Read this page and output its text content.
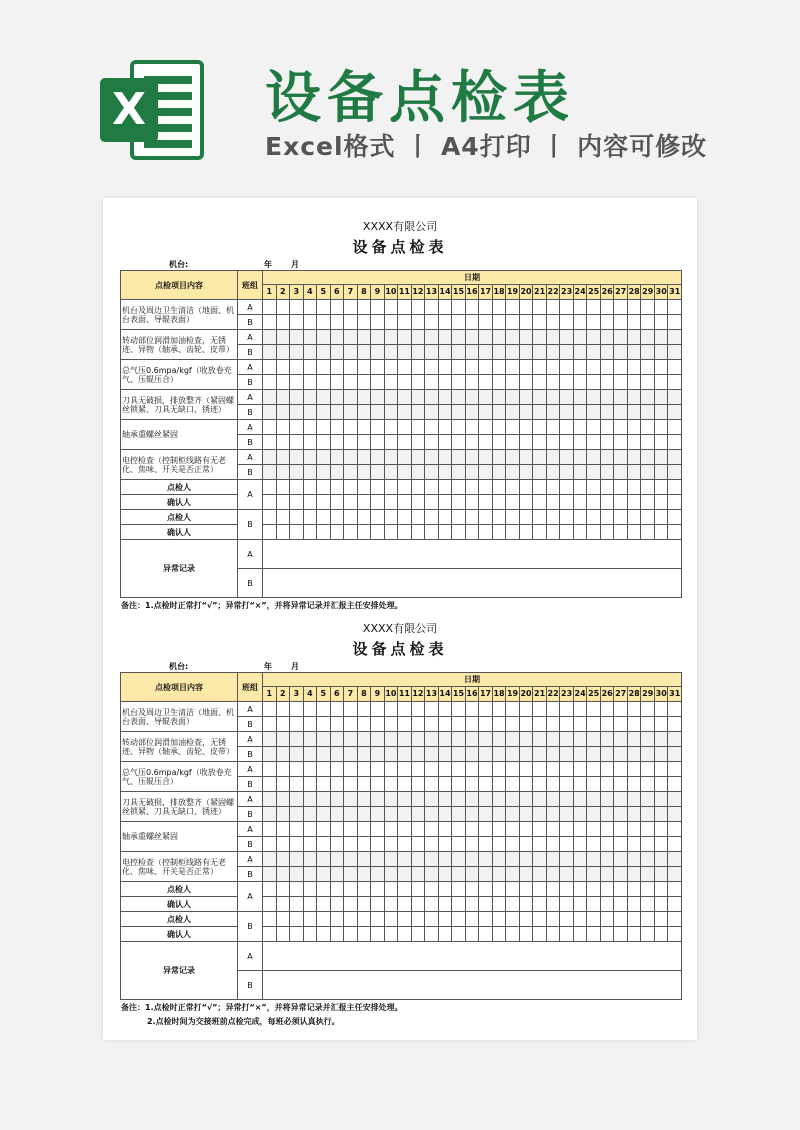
X 设备点检表
Excel格式 丨 A4打印 丨 内容可修改
XXXX有限公司
设备点检表
机台:	年 月
点检项目内容	班组	日期																														
		1	2	3	4	5	6	7	8	9	10	11	12	13	14	15	16	17	18	19	20	21	22	23	24	25	26	27	28	29	30	31
机台及周边卫生清洁（地面、机台表面、导辊表面）	A																															
	B																															
转动部位润滑加油检查，无锈迹、异物（轴承、齿轮、皮带）	A																															
	B																															
总气压0.6mpa/kgf（收放卷充气、压辊压合）	A																															
	B																															
刀具无破损，排放整齐（紧固螺丝锁紧、刀具无缺口、锈迹）	A																															
	B																															
轴承重螺丝紧固	A																															
	B																															
电控检查（控制柜线路有无老化、焦味、开关是否正常）	A																															
	B																															
点检人	A																															
确认人																																
点检人	B																															
确认人																																
异常记录	A																															
	B																															
备注：1.点检时正常打“√”；异常打“×”，并将异常记录并汇报主任安排处理。
XXXX有限公司
设备点检表
机台:	年 月
点检项目内容	班组	日期																														
		1	2	3	4	5	6	7	8	9	10	11	12	13	14	15	16	17	18	19	20	21	22	23	24	25	26	27	28	29	30	31
机台及周边卫生清洁（地面、机台表面、导辊表面）	A																															
	B																															
转动部位润滑加油检查，无锈迹、异物（轴承、齿轮、皮带）	A																															
	B																															
总气压0.6mpa/kgf（收放卷充气、压辊压合）	A																															
	B																															
刀具无破损，排放整齐（紧固螺丝锁紧、刀具无缺口、锈迹）	A																															
	B																															
轴承重螺丝紧固	A																															
	B																															
电控检查（控制柜线路有无老化、焦味、开关是否正常）	A																															
	B																															
点检人	A																															
确认人																																
点检人	B																															
确认人																																
异常记录	A																															
	B																															
备注：1.点检时正常打“√”；异常打“×”，并将异常记录并汇报主任安排处理。
2.点检时间为交接班前点检完成，每班必须认真执行。
